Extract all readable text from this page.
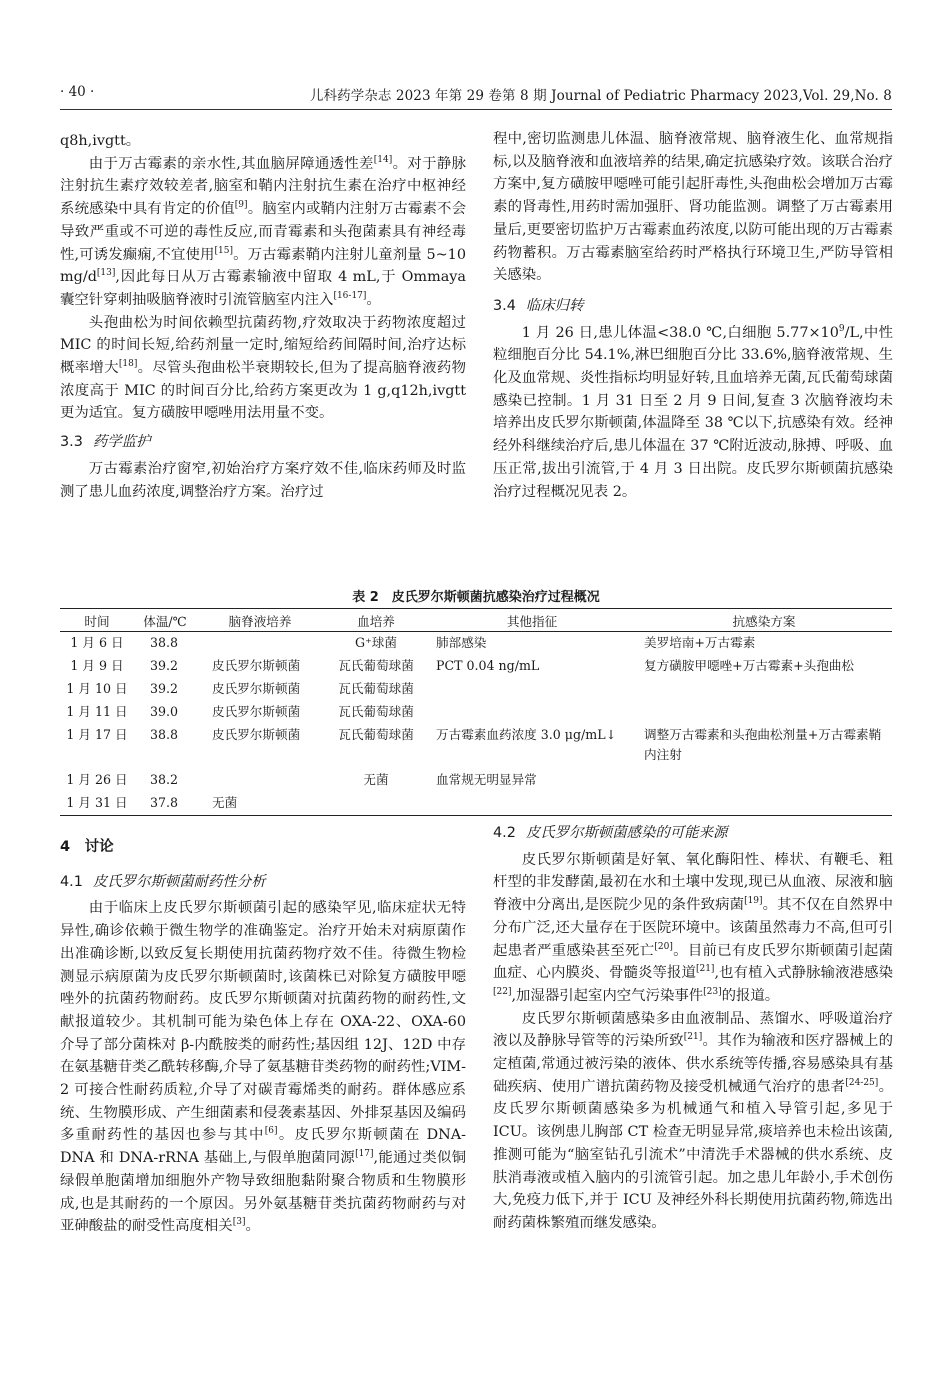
· 40 ·	儿科药学杂志 2023 年第 29 卷第 8 期 Journal of Pediatric Pharmacy 2023,Vol. 29,No. 8

q8h,ivgtt。

由于万古霉素的亲水性,其血脑屏障通透性差[14]。对于静脉注射抗生素疗效较差者,脑室和鞘内注射抗生素在治疗中枢神经系统感染中具有肯定的价值[9]。脑室内或鞘内注射万古霉素不会导致严重或不可逆的毒性反应,而青霉素和头孢菌素具有神经毒性,可诱发癫痫,不宜使用[15]。万古霉素鞘内注射儿童剂量 5~10 mg/d[13],因此每日从万古霉素输液中留取 4 mL,于 Ommaya 囊空针穿刺抽吸脑脊液时引流管脑室内注入[16-17]。

头孢曲松为时间依赖型抗菌药物,疗效取决于药物浓度超过 MIC 的时间长短,给药剂量一定时,缩短给药间隔时间,治疗达标概率增大[18]。尽管头孢曲松半衰期较长,但为了提高脑脊液药物浓度高于 MIC 的时间百分比,给药方案更改为 1 g,q12h,ivgtt 更为适宜。复方磺胺甲噁唑用法用量不变。

3.3 药学监护

万古霉素治疗窗窄,初始治疗方案疗效不佳,临床药师及时监测了患儿血药浓度,调整治疗方案。治疗过

程中,密切监测患儿体温、脑脊液常规、脑脊液生化、血常规指标,以及脑脊液和血液培养的结果,确定抗感染疗效。该联合治疗方案中,复方磺胺甲噁唑可能引起肝毒性,头孢曲松会增加万古霉素的肾毒性,用药时需加强肝、肾功能监测。调整了万古霉素用量后,更要密切监护万古霉素血药浓度,以防可能出现的万古霉素药物蓄积。万古霉素脑室给药时严格执行环境卫生,严防导管相关感染。

3.4 临床归转

1 月 26 日,患儿体温<38.0 ℃,白细胞 $5.77\times 10^9/L$,中性粒细胞百分比 54.1%,淋巴细胞百分比 33.6%,脑脊液常规、生化及血常规、炎性指标均明显好转,且血培养无菌,瓦氏葡萄球菌感染已控制。1 月 31 日至 2 月 9 日间,复查 3 次脑脊液均未培养出皮氏罗尔斯顿菌,体温降至 38 ℃以下,抗感染有效。经神经外科继续治疗后,患儿体温在 37 ℃附近波动,脉搏、呼吸、血压正常,拔出引流管,于 4 月 3 日出院。皮氏罗尔斯顿菌抗感染治疗过程概况见表 2。

表 2　皮氏罗尔斯顿菌抗感染治疗过程概况
时间	体温/℃	脑脊液培养	血培养	其他指征	抗感染方案
1 月 6 日	38.8		G⁺球菌	肺部感染	美罗培南+万古霉素
1 月 9 日	39.2	皮氏罗尔斯顿菌	瓦氏葡萄球菌	PCT 0.04 ng/mL	复方磺胺甲噁唑+万古霉素+头孢曲松
1 月 10 日	39.2	皮氏罗尔斯顿菌	瓦氏葡萄球菌		
1 月 11 日	39.0	皮氏罗尔斯顿菌	瓦氏葡萄球菌		
1 月 17 日	38.8	皮氏罗尔斯顿菌	瓦氏葡萄球菌	万古霉素血药浓度 3.0 μg/mL↓	调整万古霉素和头孢曲松剂量+万古霉素鞘内注射
1 月 26 日	38.2		无菌	血常规无明显异常	
1 月 31 日	37.8	无菌			

4　讨论

4.1 皮氏罗尔斯顿菌耐药性分析

由于临床上皮氏罗尔斯顿菌引起的感染罕见,临床症状无特异性,确诊依赖于微生物学的准确鉴定。治疗开始未对病原菌作出准确诊断,以致反复长期使用抗菌药物疗效不佳。待微生物检测显示病原菌为皮氏罗尔斯顿菌时,该菌株已对除复方磺胺甲噁唑外的抗菌药物耐药。皮氏罗尔斯顿菌对抗菌药物的耐药性,文献报道较少。其机制可能为染色体上存在 OXA-22、OXA-60 介导了部分菌株对 β-内酰胺类的耐药性;基因组 12J、12D 中存在氨基糖苷类乙酰转移酶,介导了氨基糖苷类药物的耐药性;VIM-2 可接合性耐药质粒,介导了对碳青霉烯类的耐药。群体感应系统、生物膜形成、产生细菌素和侵袭素基因、外排泵基因及编码多重耐药性的基因也参与其中[6]。皮氏罗尔斯顿菌在 DNA-DNA 和 DNA-rRNA 基础上,与假单胞菌同源[17],能通过类似铜绿假单胞菌增加细胞外产物导致细胞黏附聚合物质和生物膜形成,也是其耐药的一个原因。另外氨基糖苷类抗菌药物耐药与对亚砷酸盐的耐受性高度相关[3]。

4.2 皮氏罗尔斯顿菌感染的可能来源

皮氏罗尔斯顿菌是好氧、氧化酶阳性、棒状、有鞭毛、粗杆型的非发酵菌,最初在水和土壤中发现,现已从血液、尿液和脑脊液中分离出,是医院少见的条件致病菌[19]。其不仅在自然界中分布广泛,还大量存在于医院环境中。该菌虽然毒力不高,但可引起患者严重感染甚至死亡[20]。目前已有皮氏罗尔斯顿菌引起菌血症、心内膜炎、骨髓炎等报道[21],也有植入式静脉输液港感染[22],加湿器引起室内空气污染事件[23]的报道。

皮氏罗尔斯顿菌感染多由血液制品、蒸馏水、呼吸道治疗液以及静脉导管等的污染所致[21]。其作为输液和医疗器械上的定植菌,常通过被污染的液体、供水系统等传播,容易感染具有基础疾病、使用广谱抗菌药物及接受机械通气治疗的患者[24-25]。皮氏罗尔斯顿菌感染多为机械通气和植入导管引起,多见于 ICU。该例患儿胸部 CT 检查无明显异常,痰培养也未检出该菌,推测可能为“脑室钻孔引流术”中清洗手术器械的供水系统、皮肤消毒液或植入脑内的引流管引起。加之患儿年龄小,手术创伤大,免疫力低下,并于 ICU 及神经外科长期使用抗菌药物,筛选出耐药菌株繁殖而继发感染。
